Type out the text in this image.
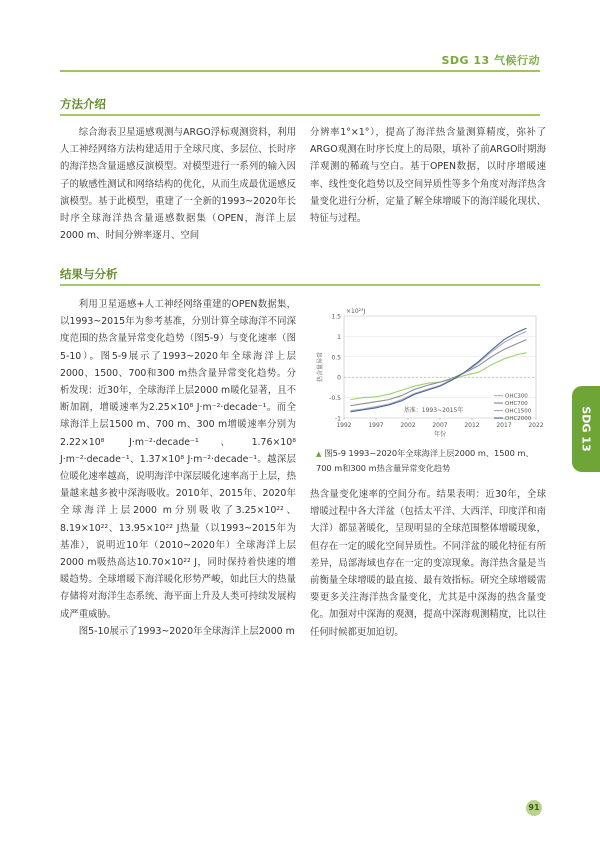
SDG 13 气候行动
方法介绍

综合海表卫星遥感观测与ARGO浮标观测资料，利用人工神经网络方法构建适用于全球尺度、多层位、长时序的海洋热含量遥感反演模型。对模型进行一系列的输入因子的敏感性测试和网络结构的优化，从而生成最优遥感反演模型。基于此模型，重建了一全新的1993~2020年长时序全球海洋热含量遥感数据集（OPEN，海洋上层2000 m、时间分辨率逐月、空间

分辨率1°×1°），提高了海洋热含量测算精度，弥补了ARGO观测在时序长度上的局限，填补了前ARGO时期海洋观测的稀疏与空白。基于OPEN数据，以时序增暖速率、线性变化趋势以及空间异质性等多个角度对海洋热含量变化进行分析，定量了解全球增暖下的海洋暖化现状、特征与过程。

结果与分析

利用卫星遥感+人工神经网络重建的OPEN数据集，以1993~2015年为参考基准，分别计算全球海洋不同深度范围的热含量异常变化趋势（图5-9）与变化速率（图5-10）。图5-9展示了1993~2020年全球海洋上层2000、1500、700和300 m热含量异常变化趋势。分析发现：近30年，全球海洋上层2000 m暖化显著，且不断加剧，增暖速率为2.25×10⁸ J·m⁻²·decade⁻¹。而全球海洋上层1500 m、700 m、300 m增暖速率分别为2.22×10⁸ J·m⁻²·decade⁻¹、1.76×10⁸ J·m⁻²·decade⁻¹、1.37×10⁸ J·m⁻²·decade⁻¹。越深层位暖化速率越高，说明海洋中深层暖化速率高于上层，热量越来越多被中深海吸收。2010年、2015年、2020年全球海洋上层2000 m分别吸收了3.25×10²²、8.19×10²²、13.95×10²² J热量（以1993~2015年为基准），说明近10年（2010~2020年）全球海洋上层2000 m吸热高达10.70×10²² J，同时保持着快速的增暖趋势。全球增暖下海洋暖化形势严峻，如此巨大的热量存储将对海洋生态系统、海平面上升及人类可持续发展构成严重威胁。

图5-10展示了1993~2020年全球海洋上层2000 m

-1
-0.5
0
0.5
1
1.5
1992	1997	2002	2007	2012	2017	2022
×10²³J
热含量异常
年份
基准：1993~2015年
OHC300
OHC700
OHC1500
OHC2000
▲ 图5-9 1993~2020年全球海洋上层2000 m、1500 m、700 m和300 m热含量异常变化趋势

热含量变化速率的空间分布。结果表明：近30年，全球增暖过程中各大洋盆（包括太平洋、大西洋、印度洋和南大洋）都显著暖化，呈现明显的全球范围整体增暖现象，但存在一定的暖化空间异质性。不同洋盆的暖化特征有所差异，局部海域也存在一定的变凉现象。海洋热含量是当前衡量全球增暖的最直接、最有效指标。研究全球增暖需要更多关注海洋热含量变化，尤其是中深海的热含量变化。加强对中深海的观测，提高中深海观测精度，比以往任何时候都更加迫切。

SDG 13
91
